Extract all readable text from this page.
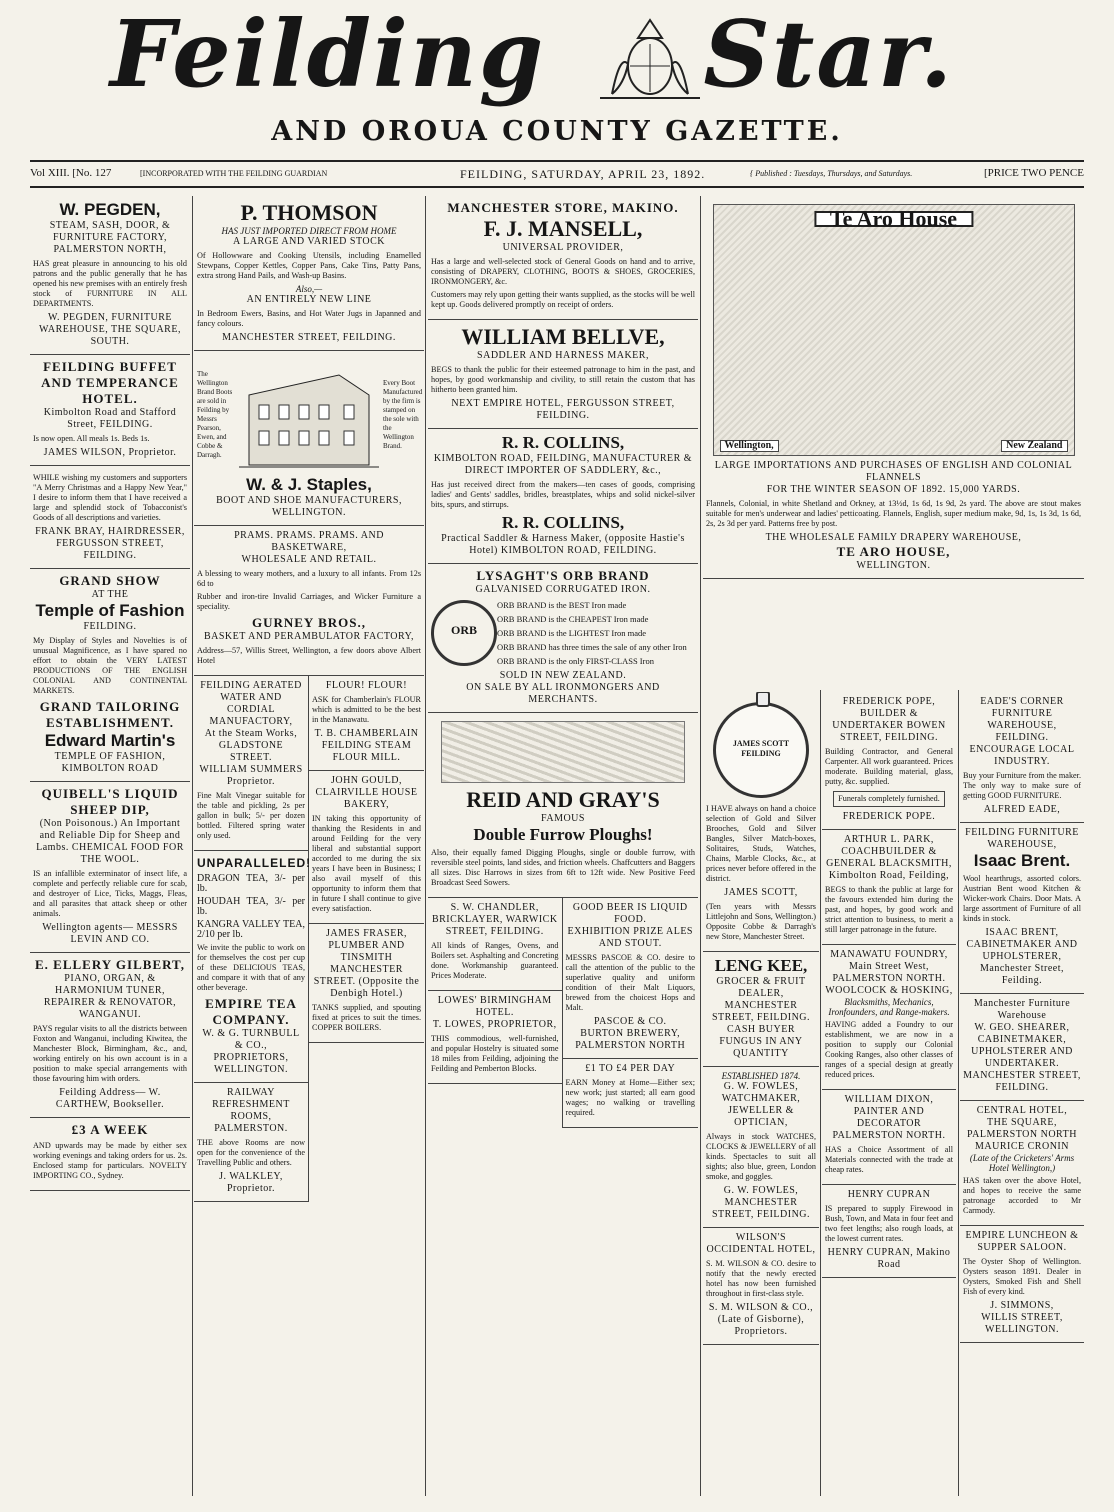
Feilding Star.
AND OROUA COUNTY GAZETTE.
Vol XIII. [No. 127	[INCORPORATED WITH THE FEILDING GUARDIAN	FEILDING, SATURDAY, APRIL 23, 1892.	{ Published : Tuesdays, Thursdays, and Saturdays.	[PRICE TWO PENCE
W. PEGDEN,
STEAM, SASH, DOOR, & FURNITURE FACTORY, PALMERSTON NORTH,

HAS great pleasure in announcing to his old patrons and the public generally that he has opened his new premises with an entirely fresh stock of FURNITURE IN ALL DEPARTMENTS.

W. PEGDEN, FURNITURE WAREHOUSE, THE SQUARE, SOUTH.
FEILDING BUFFET AND TEMPERANCE HOTEL.
Kimbolton Road and Stafford Street, FEILDING.

Is now open. All meals 1s. Beds 1s.

JAMES WILSON, Proprietor.

WHILE wishing my customers and supporters "A Merry Christmas and a Happy New Year," I desire to inform them that I have received a large and splendid stock of Tobacconist's Goods of all descriptions and varieties.

FRANK BRAY, HAIRDRESSER, FERGUSSON STREET, FEILDING.
GRAND SHOW
AT THE
Temple of Fashion
FEILDING.

My Display of Styles and Novelties is of unusual Magnificence, as I have spared no effort to obtain the VERY LATEST PRODUCTIONS OF THE ENGLISH COLONIAL AND CONTINENTAL MARKETS.

GRAND TAILORING ESTABLISHMENT.
Edward Martin's
TEMPLE OF FASHION, KIMBOLTON ROAD
QUIBELL'S LIQUID SHEEP DIP,
(Non Poisonous.) An Important and Reliable Dip for Sheep and Lambs. CHEMICAL FOOD FOR THE WOOL.

IS an infallible exterminator of insect life, a complete and perfectly reliable cure for scab, and destroyer of Lice, Ticks, Maggs, Fleas, and all parasites that attack sheep or other animals.

Wellington agents— MESSRS LEVIN AND CO.
E. ELLERY GILBERT,
PIANO, ORGAN, & HARMONIUM TUNER, REPAIRER & RENOVATOR, WANGANUI.

PAYS regular visits to all the districts between Foxton and Wanganui, including Kiwitea, the Manchester Block, Birmingham, &c., and, working entirely on his own account is in a position to make special arrangements with those favouring him with orders.

Feilding Address— W. CARTHEW, Bookseller.
£3 A WEEK

AND upwards may be made by either sex working evenings and taking orders for us. 2s. Enclosed stamp for particulars. NOVELTY IMPORTING CO., Sydney.

P. THOMSON
HAS JUST IMPORTED DIRECT FROM HOME
A LARGE AND VARIED STOCK

Of Hollowware and Cooking Utensils, including Enamelled Stewpans, Copper Kettles, Copper Pans, Cake Tins, Patty Pans, extra strong Hand Pails, and Wash-up Basins.

Also,—
AN ENTIRELY NEW LINE

In Bedroom Ewers, Basins, and Hot Water Jugs in Japanned and fancy colours.

MANCHESTER STREET, FEILDING.
The Wellington Brand Boots are sold in Feilding by Messrs Pearson, Ewen, and Cobbe & Darragh.
Every Boot Manufactured by the firm is stamped on the sole with the Wellington Brand.
W. & J. Staples,
BOOT AND SHOE MANUFACTURERS, WELLINGTON.
PRAMS. PRAMS. PRAMS. AND BASKETWARE,
WHOLESALE AND RETAIL.

A blessing to weary mothers, and a luxury to all infants. From 12s 6d to

Rubber and iron-tire Invalid Carriages, and Wicker Furniture a speciality.

GURNEY BROS.,
BASKET AND PERAMBULATOR FACTORY,

Address—57, Willis Street, Wellington, a few doors above Albert Hotel

FEILDING AERATED WATER AND CORDIAL MANUFACTORY,
At the Steam Works, GLADSTONE STREET.
WILLIAM SUMMERS Proprietor.

Fine Malt Vinegar suitable for the table and pickling, 2s per gallon in bulk; 5/- per dozen bottled. Filtered spring water only used.

UNPARALLELED!

DRAGON TEA, 3/- per lb.

HOUDAH TEA, 3/- per lb.

KANGRA VALLEY TEA, 2/10 per lb.

We invite the public to work on for themselves the cost per cup of these DELICIOUS TEAS, and compare it with that of any other beverage.

EMPIRE TEA COMPANY.
W. & G. TURNBULL & CO.,
PROPRIETORS, WELLINGTON.
RAILWAY REFRESHMENT ROOMS, PALMERSTON.

THE above Rooms are now open for the convenience of the Travelling Public and others.

J. WALKLEY, Proprietor.
FLOUR! FLOUR!

ASK for Chamberlain's FLOUR which is admitted to be the best in the Manawatu.

T. B. CHAMBERLAIN FEILDING STEAM FLOUR MILL.
JOHN GOULD,
CLAIRVILLE HOUSE BAKERY,

IN taking this opportunity of thanking the Residents in and around Feilding for the very liberal and substantial support accorded to me during the six years I have been in Business; I also avail myself of this opportunity to inform them that in future I shall continue to give every satisfaction.

JAMES FRASER,
PLUMBER AND TINSMITH MANCHESTER STREET. (Opposite the Denbigh Hotel.)

TANKS supplied, and spouting fixed at prices to suit the times. COPPER BOILERS.

MANCHESTER STORE, MAKINO.
F. J. MANSELL,
UNIVERSAL PROVIDER,

Has a large and well-selected stock of General Goods on hand and to arrive, consisting of DRAPERY, CLOTHING, BOOTS & SHOES, GROCERIES, IRONMONGERY, &c.

Customers may rely upon getting their wants supplied, as the stocks will be well kept up. Goods delivered promptly on receipt of orders.

WILLIAM BELLVE,
SADDLER AND HARNESS MAKER,

BEGS to thank the public for their esteemed patronage to him in the past, and hopes, by good workmanship and civility, to still retain the custom that has hitherto been granted him.

NEXT EMPIRE HOTEL, FERGUSSON STREET, FEILDING.
R. R. COLLINS,
KIMBOLTON ROAD, FEILDING, MANUFACTURER & DIRECT IMPORTER OF SADDLERY, &c.,

Has just received direct from the makers—ten cases of goods, comprising ladies' and Gents' saddles, bridles, breastplates, whips and solid nickel-silver bits, spurs, and stirrups.

R. R. COLLINS,
Practical Saddler & Harness Maker, (opposite Hastie's Hotel) KIMBOLTON ROAD, FEILDING.
LYSAGHT'S ORB BRAND
GALVANISED CORRUGATED IRON.
ORB
ORB BRAND is the BEST Iron made
ORB BRAND is the CHEAPEST Iron made
ORB BRAND is the LIGHTEST Iron made
ORB BRAND has three times the sale of any other Iron
ORB BRAND is the only FIRST-CLASS Iron
SOLD IN NEW ZEALAND.
ON SALE BY ALL IRONMONGERS AND MERCHANTS.
REID AND GRAY'S
FAMOUS
Double Furrow Ploughs!

Also, their equally famed Digging Ploughs, single or double furrow, with reversible steel points, land sides, and friction wheels. Chaffcutters and Baggers all sizes. Disc Harrows in sizes from 6ft to 12ft wide. New Positive Feed Broadcast Seed Sowers.

S. W. CHANDLER,
BRICKLAYER, WARWICK STREET, FEILDING.

All kinds of Ranges, Ovens, and Boilers set. Asphalting and Concreting done. Workmanship guaranteed. Prices Moderate.

LOWES' BIRMINGHAM HOTEL.
T. LOWES, PROPRIETOR,

THIS commodious, well-furnished, and popular Hostelry is situated some 18 miles from Feilding, adjoining the Feilding and Pemberton Blocks.

GOOD BEER IS LIQUID FOOD.
EXHIBITION PRIZE ALES AND STOUT.

MESSRS PASCOE & CO. desire to call the attention of the public to the superlative quality and uniform condition of their Malt Liquors, brewed from the choicest Hops and Malt.

PASCOE & CO.
BURTON BREWERY, PALMERSTON NORTH
£1 TO £4 PER DAY

EARN Money at Home—Either sex; new work; just started; all earn good wages; no walking or travelling required.

Te Aro House
Wellington,	New Zealand
LARGE IMPORTATIONS AND PURCHASES OF ENGLISH AND COLONIAL FLANNELS
FOR THE WINTER SEASON OF 1892. 15,000 YARDS.

Flannels, Colonial, in white Shetland and Orkney, at 13½d, 1s 6d, 1s 9d, 2s yard. The above are stout makes suitable for men's underwear and ladies' petticoating. Flannels, English, super medium make, 9d, 1s, 1s 3d, 1s 6d, 2s, 2s 3d per yard. Patterns free by post.

THE WHOLESALE FAMILY DRAPERY WAREHOUSE,
TE ARO HOUSE,
WELLINGTON.
JAMES SCOTT FEILDING

I HAVE always on hand a choice selection of Gold and Silver Brooches, Gold and Silver Bangles, Silver Match-boxes, Solitaires, Studs, Watches, Chains, Marble Clocks, &c., at prices never before offered in the district.

JAMES SCOTT,

(Ten years with Messrs Littlejohn and Sons, Wellington.) Opposite Cobbe & Darragh's new Store, Manchester Street.

LENG KEE,
GROCER & FRUIT DEALER, MANCHESTER STREET, FEILDING.
CASH BUYER
FUNGUS IN ANY QUANTITY
ESTABLISHED 1874.
G. W. FOWLES,
WATCHMAKER, JEWELLER & OPTICIAN,

Always in stock WATCHES, CLOCKS & JEWELLERY of all kinds. Spectacles to suit all sights; also blue, green, London smoke, and goggles.

G. W. FOWLES, MANCHESTER STREET, FEILDING.
WILSON'S OCCIDENTAL HOTEL,

S. M. WILSON & CO. desire to notify that the newly erected hotel has now been furnished throughout in first-class style.

S. M. WILSON & CO., (Late of Gisborne), Proprietors.
FREDERICK POPE,
BUILDER & UNDERTAKER BOWEN STREET, FEILDING.

Building Contractor, and General Carpenter. All work guaranteed. Prices moderate. Building material, glass, putty, &c. supplied.

Funerals completely furnished.
FREDERICK POPE.
ARTHUR L. PARK,
COACHBUILDER & GENERAL BLACKSMITH, Kimbolton Road, Feilding,

BEGS to thank the public at large for the favours extended him during the past, and hopes, by good work and strict attention to business, to merit a still larger patronage in the future.

MANAWATU FOUNDRY,
Main Street West, PALMERSTON NORTH.
WOOLCOCK & HOSKING,
Blacksmiths, Mechanics, Ironfounders, and Range-makers.

HAVING added a Foundry to our establishment, we are now in a position to supply our Colonial Cooking Ranges, also other classes of ranges of a special design at greatly reduced prices.

WILLIAM DIXON,
PAINTER AND DECORATOR PALMERSTON NORTH.

HAS a Choice Assortment of all Materials connected with the trade at cheap rates.

HENRY CUPRAN

IS prepared to supply Firewood in Bush, Town, and Mata in four feet and two feet lengths; also rough loads, at the lowest current rates.

HENRY CUPRAN, Makino Road
EADE'S CORNER FURNITURE WAREHOUSE, FEILDING.
ENCOURAGE LOCAL INDUSTRY.

Buy your Furniture from the maker. The only way to make sure of getting GOOD FURNITURE.

ALFRED EADE,
FEILDING FURNITURE WAREHOUSE,
Isaac Brent.

Wool hearthrugs, assorted colors. Austrian Bent wood Kitchen & Wicker-work Chairs. Door Mats. A large assortment of Furniture of all kinds in stock.

ISAAC BRENT,
CABINETMAKER AND UPHOLSTERER, Manchester Street, Feilding.
Manchester Furniture Warehouse
W. GEO. SHEARER,
CABINETMAKER, UPHOLSTERER AND UNDERTAKER. MANCHESTER STREET, FEILDING.
CENTRAL HOTEL,
THE SQUARE, PALMERSTON NORTH
MAURICE CRONIN
(Late of the Cricketers' Arms Hotel Wellington,)

HAS taken over the above Hotel, and hopes to receive the same patronage accorded to Mr Carmody.

EMPIRE LUNCHEON & SUPPER SALOON.

The Oyster Shop of Wellington. Oysters season 1891. Dealer in Oysters, Smoked Fish and Shell Fish of every kind.

J. SIMMONS,
WILLIS STREET, WELLINGTON.
